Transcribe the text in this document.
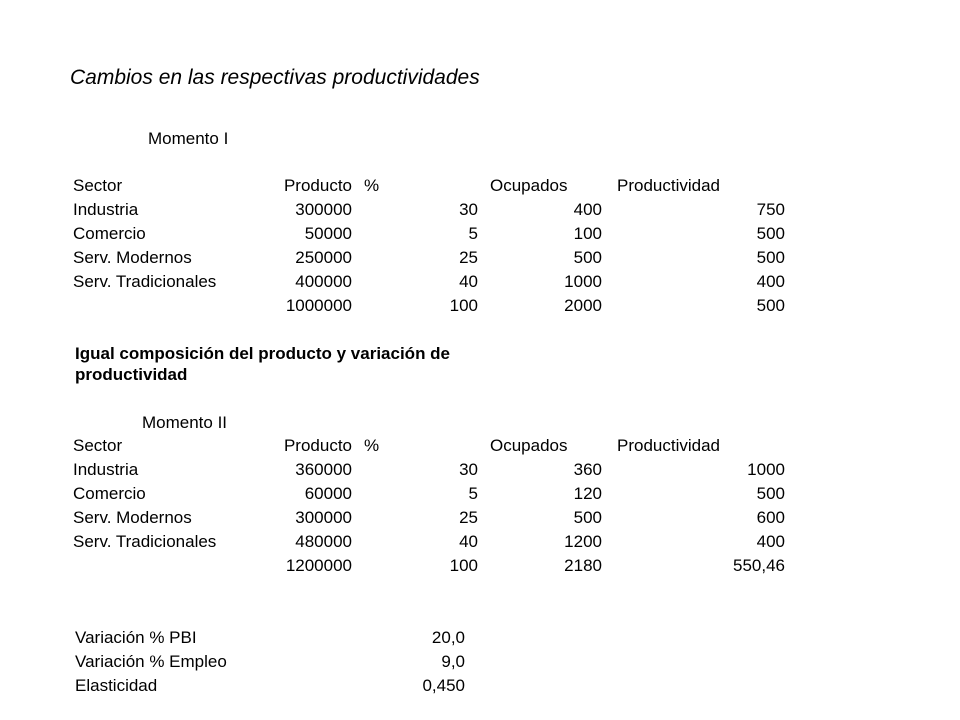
Cambios en las respectivas productividades
Momento I
Sector	Producto	%	Ocupados	Productividad
Industria	300000	30	400	750
Comercio	50000	5	100	500
Serv. Modernos	250000	25	500	500
Serv. Tradicionales	400000	40	1000	400
	1000000	100	2000	500
Igual composición del producto y variación de productividad
Momento II
Sector	Producto	%	Ocupados	Productividad
Industria	360000	30	360	1000
Comercio	60000	5	120	500
Serv. Modernos	300000	25	500	600
Serv. Tradicionales	480000	40	1200	400
	1200000	100	2180	550,46
Variación % PBI	20,0
Variación % Empleo	9,0
Elasticidad	0,450
